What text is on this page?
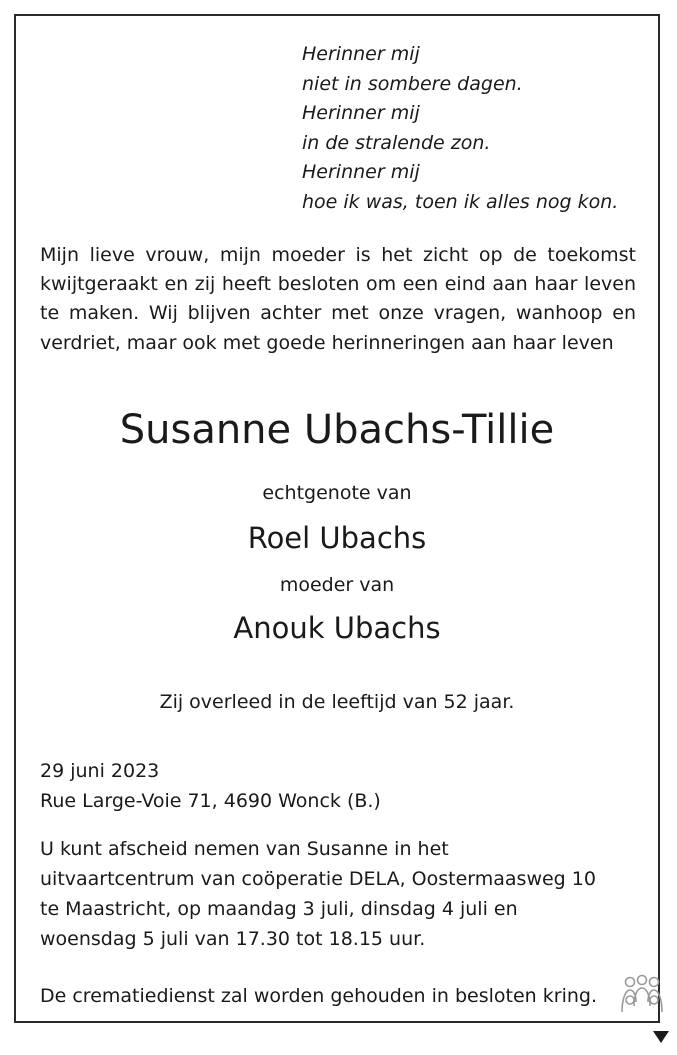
Herinner mij
niet in sombere dagen.
Herinner mij
in de stralende zon.
Herinner mij
hoe ik was, toen ik alles nog kon.
Mijn lieve vrouw, mijn moeder is het zicht op de toekomst kwijtgeraakt en zij heeft besloten om een eind aan haar leven te maken. Wij blijven achter met onze vragen, wanhoop en verdriet, maar ook met goede herinneringen aan haar leven
Susanne Ubachs-Tillie
echtgenote van
Roel Ubachs
moeder van
Anouk Ubachs
Zij overleed in de leeftijd van 52 jaar.
29 juni 2023
Rue Large-Voie 71, 4690 Wonck (B.)
U kunt afscheid nemen van Susanne in het
uitvaartcentrum van coöperatie DELA, Oostermaasweg 10
te Maastricht, op maandag 3 juli, dinsdag 4 juli en
woensdag 5 juli van 17.30 tot 18.15 uur.
De crematiedienst zal worden gehouden in besloten kring.
